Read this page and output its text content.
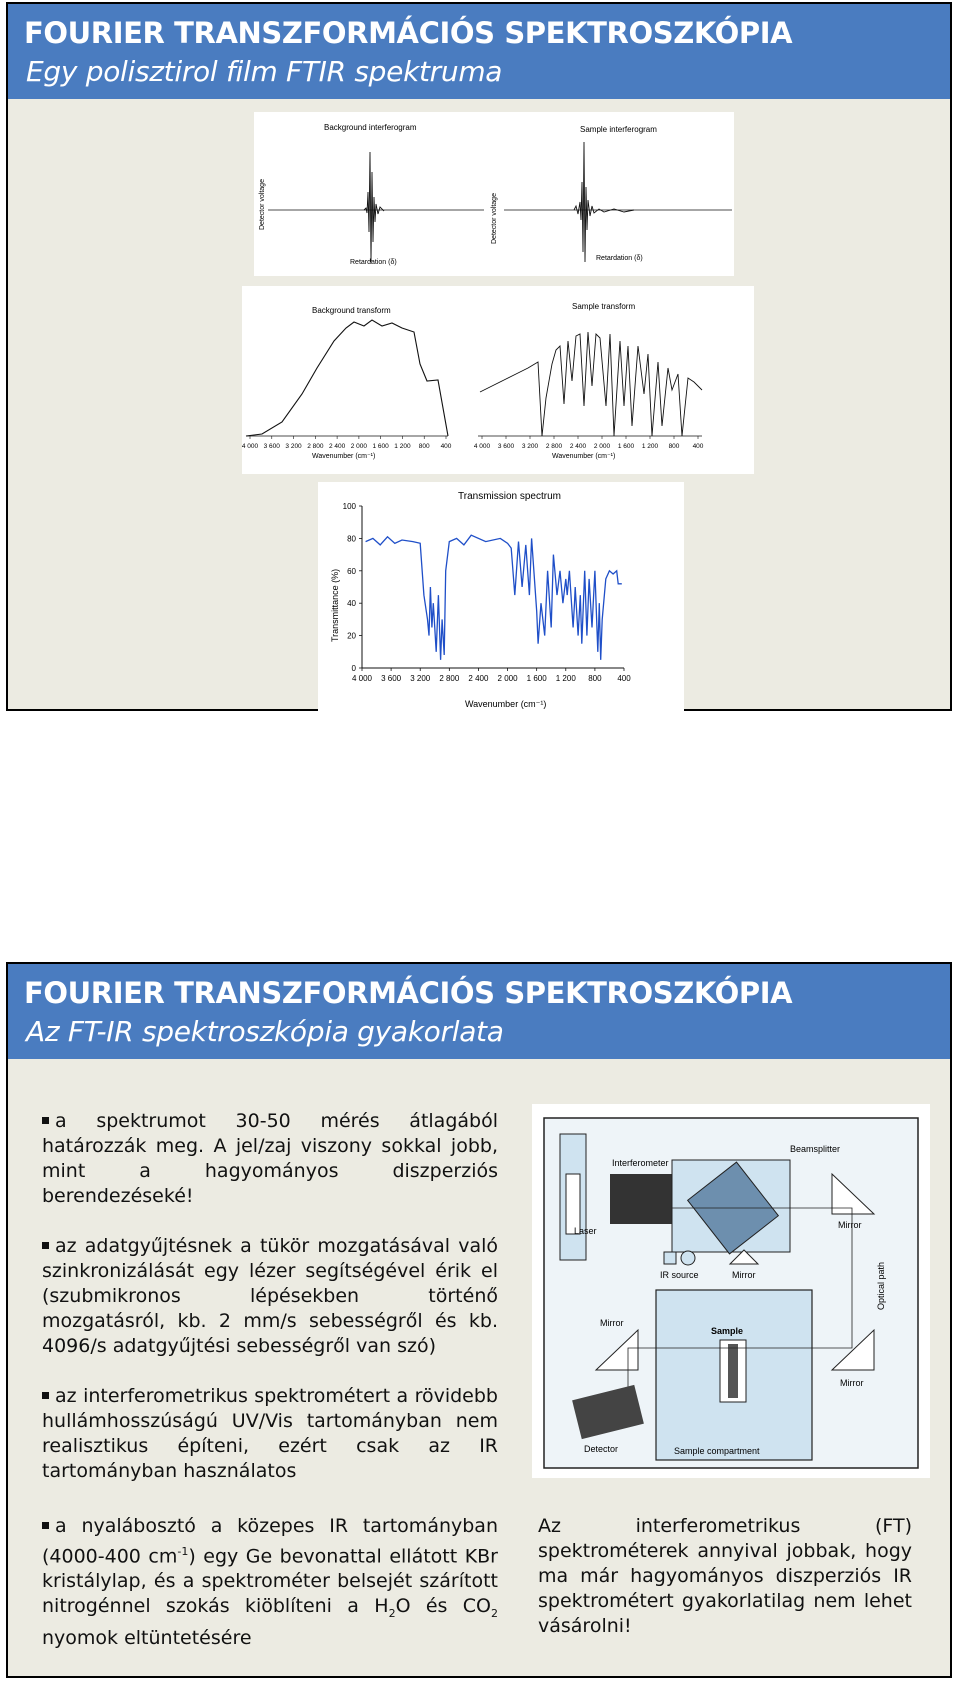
FOURIER TRANSZFORMÁCIÓS SPEKTROSZKÓPIA
Egy polisztirol film FTIR spektruma
Background interferogram	Sample interferogram
Detector voltage	Detector voltage
Retardation (δ)
Retardation (δ)
Background transform	Sample transform
4 000 3 600 3 200 2 800 2 400 2 000 1 600 1 200 800 400
Wavenumber (cm⁻¹)
4 000 3 600 3 200 2 800 2 400 2 000 1 600 1 200 800 400
Wavenumber (cm⁻¹)
Transmission spectrum
Transmittance (%)
Wavenumber (cm⁻¹)
0
20
40
60
80
100
4 000 3 600 3 200 2 800 2 400 2 000 1 600 1 200 800 400
FOURIER TRANSZFORMÁCIÓS SPEKTROSZKÓPIA
Az FT-IR spektroszkópia gyakorlata
a spektrumot 30-50 mérés átlagából határozzák meg. A jel/zaj viszony sokkal jobb, mint a hagyományos diszperziós berendezéseké!
az adatgyűjtésnek a tükör mozgatásával való szinkronizálását egy lézer segítségével érik el (szubmikronos lépésekben történő mozgatásról, kb. 2 mm/s sebességről és kb. 4096/s adatgyűjtési sebességről van szó)
az interferometrikus spektrométert a rövidebb hullámhosszúságú UV/Vis tartományban nem realisztikus építeni, ezért csak az IR tartományban használatos
a nyalábosztó a közepes IR tartományban (4000-400 $cm^{-1}$) egy Ge bevonattal ellátott KBr kristálylap, és a spektrométer belsejét szárított nitrogénnel szokás kiöblíteni a $H_2O$ és $CO_2$ nyomok eltüntetésére
Sample
Sample compartment
Laser
Interferometer
Beamsplitter
Mirror
Mirror
Mirror
Mirror
IR source	Optical path
Detector
Az interferometrikus (FT) spektrométerek annyival jobbak, hogy ma már hagyományos diszperziós IR spektrométert gyakorlatilag nem lehet vásárolni!
